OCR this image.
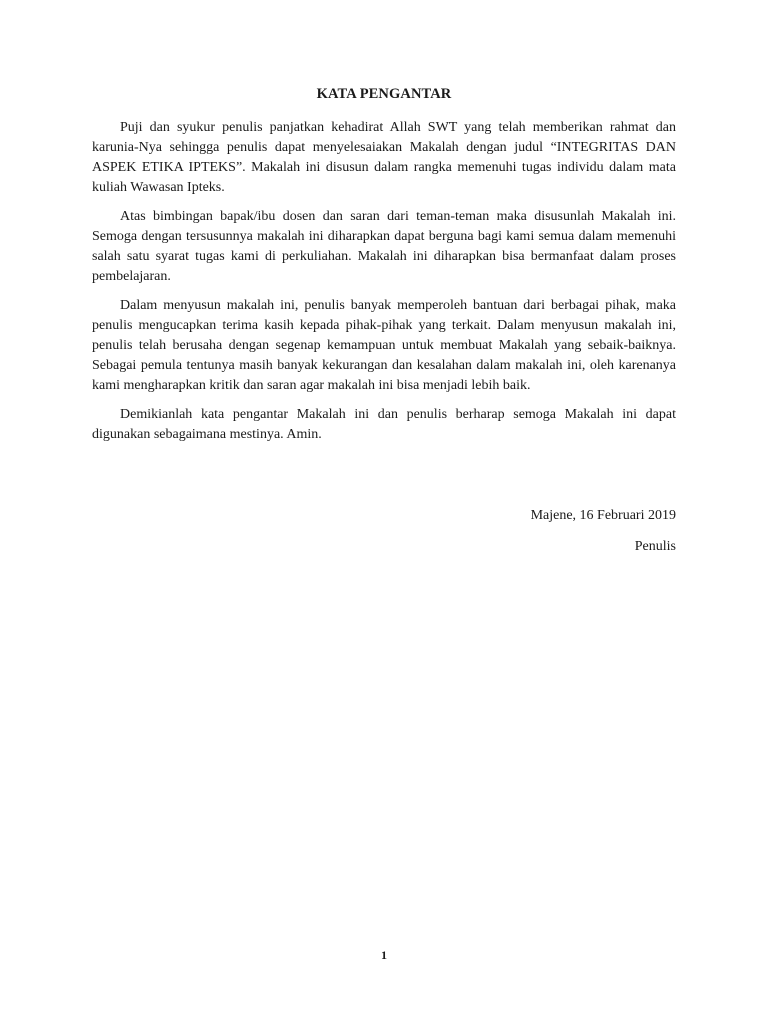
KATA PENGANTAR

Puji dan syukur penulis panjatkan kehadirat Allah SWT yang telah memberikan rahmat dan karunia-Nya sehingga penulis dapat menyelesaiakan Makalah dengan judul “INTEGRITAS DAN ASPEK ETIKA IPTEKS”. Makalah ini disusun dalam rangka memenuhi tugas individu dalam mata kuliah Wawasan Ipteks.

Atas bimbingan bapak/ibu dosen dan saran dari teman-teman maka disusunlah Makalah ini. Semoga dengan tersusunnya makalah ini diharapkan dapat berguna bagi kami semua dalam memenuhi salah satu syarat tugas kami di perkuliahan. Makalah ini diharapkan bisa bermanfaat dalam proses pembelajaran.

Dalam menyusun makalah ini, penulis banyak memperoleh bantuan dari berbagai pihak, maka penulis mengucapkan terima kasih kepada pihak-pihak yang terkait. Dalam menyusun makalah ini, penulis telah berusaha dengan segenap kemampuan untuk membuat Makalah yang sebaik-baiknya. Sebagai pemula tentunya masih banyak kekurangan dan kesalahan dalam makalah ini, oleh karenanya kami mengharapkan kritik dan saran agar makalah ini bisa menjadi lebih baik.

Demikianlah kata pengantar Makalah ini dan penulis berharap semoga Makalah ini dapat digunakan sebagaimana mestinya. Amin.

Majene, 16 Februari 2019
Penulis
1
